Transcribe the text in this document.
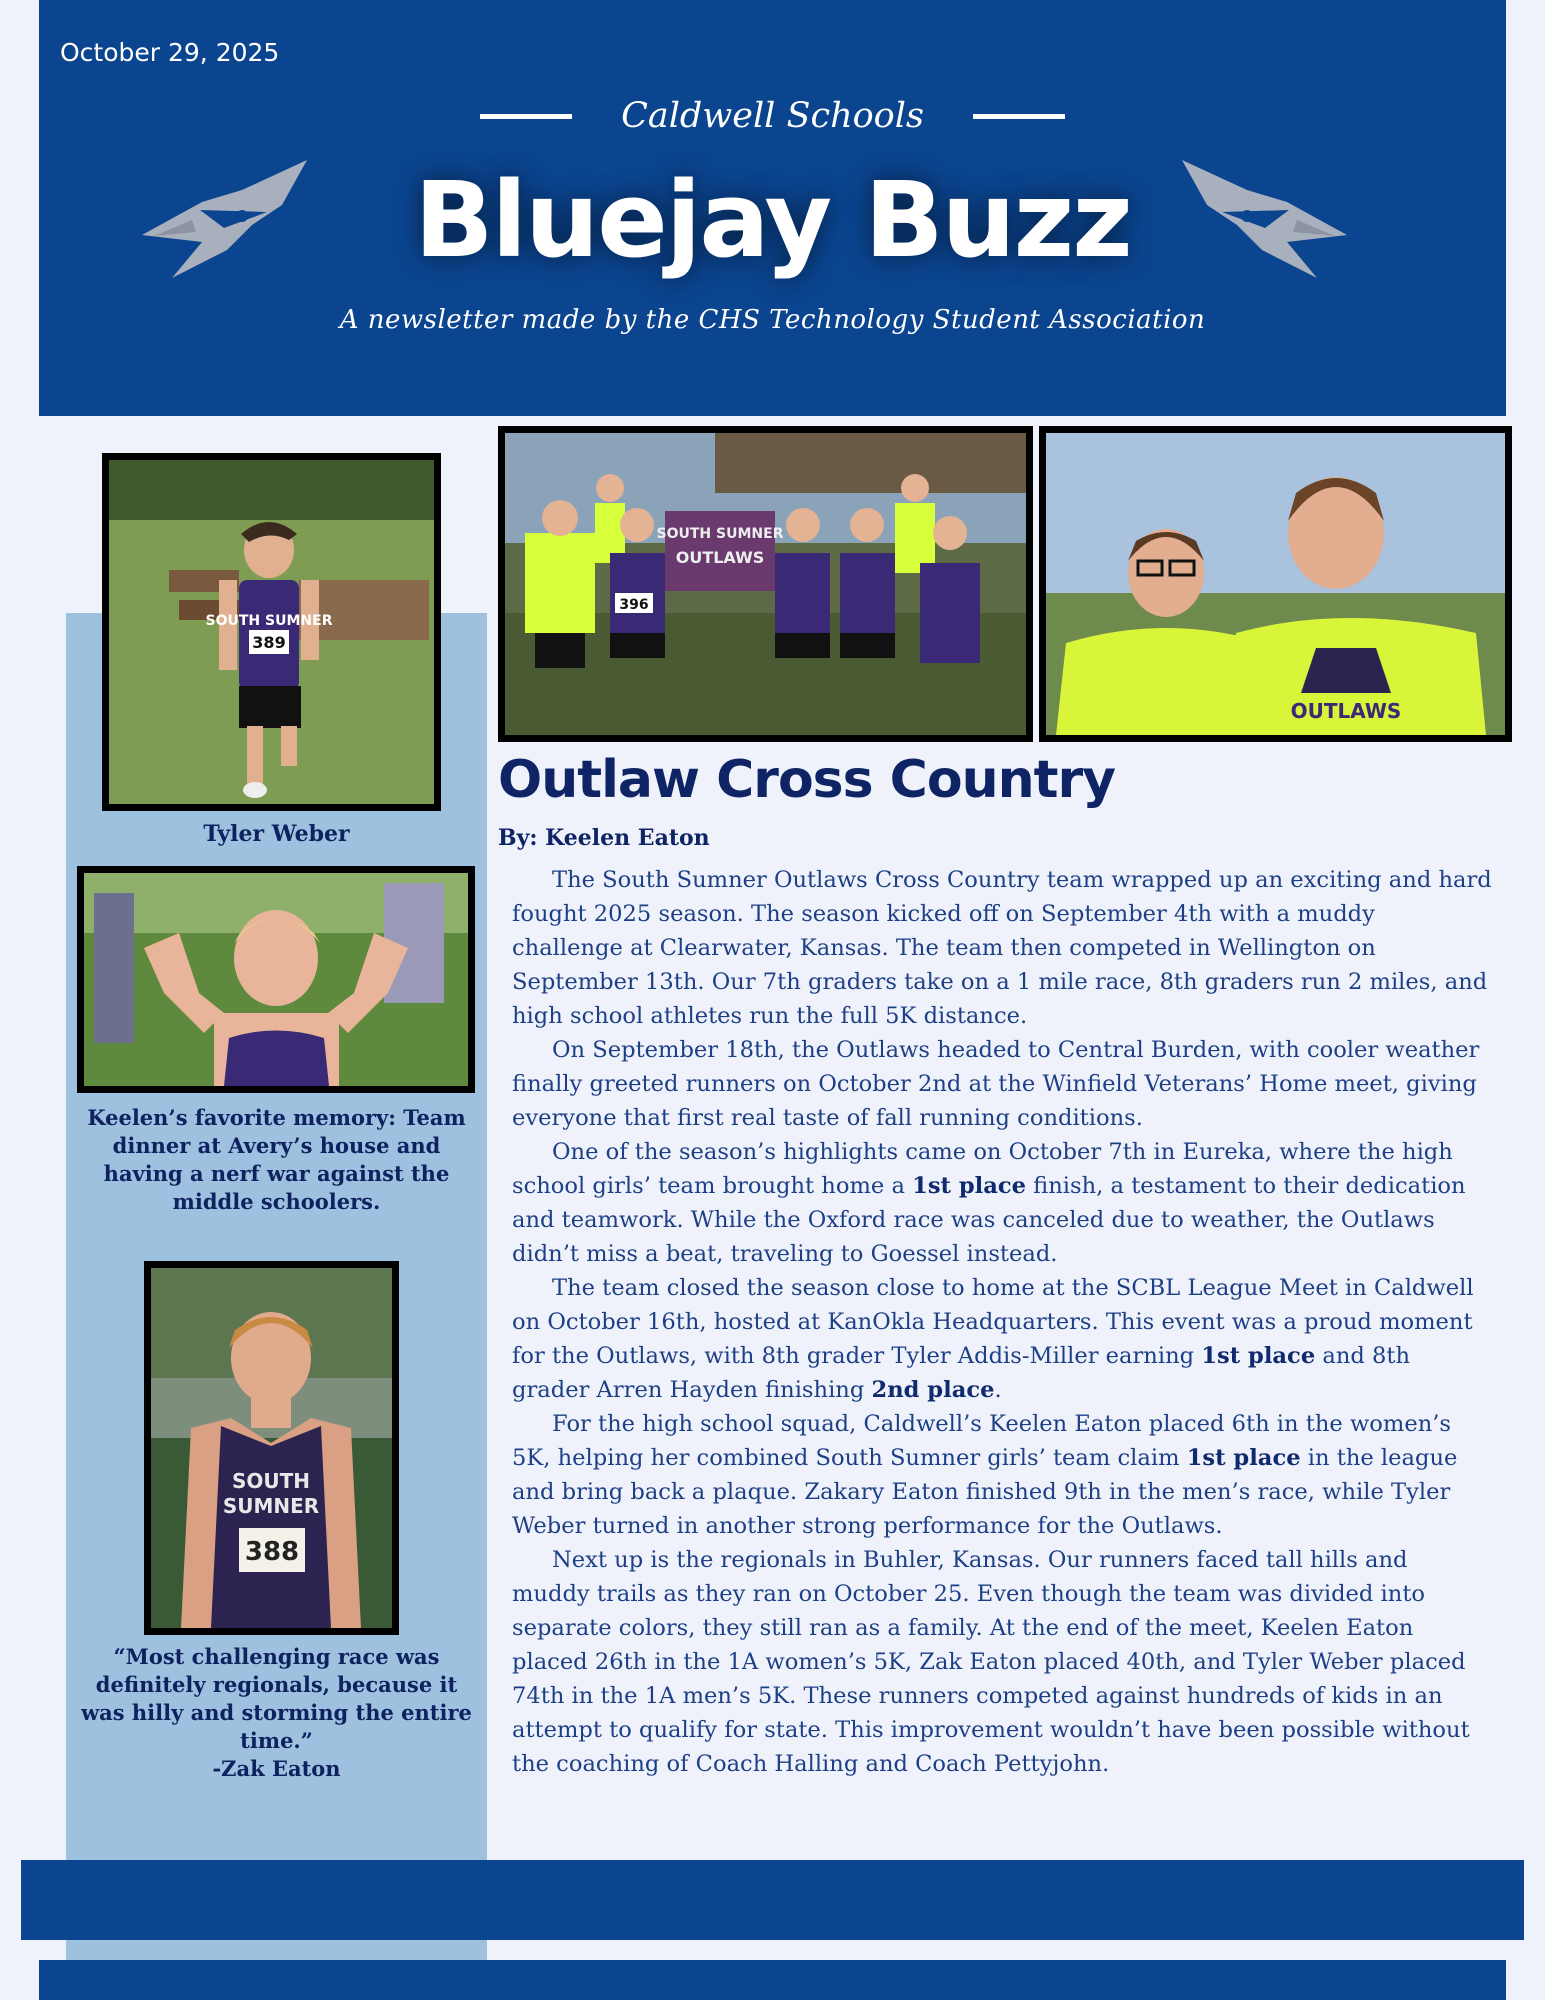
October 29, 2025
Caldwell Schools
Bluejay Buzz
A newsletter made by the CHS Technology Student Association
SOUTH SUMNER
389
Tyler Weber
Keelen’s favorite memory: Team dinner at Avery’s house and having a nerf war against the middle schoolers.
SOUTH
SUMNER
388
“Most challenging race was definitely regionals, because it was hilly and storming the entire time.”
-Zak Eaton
SOUTH SUMNER
OUTLAWS
396
OUTLAWS
Outlaw Cross Country
By: Keelen Eaton

The South Sumner Outlaws Cross Country team wrapped up an exciting and hard fought 2025 season. The season kicked off on September 4th with a muddy challenge at Clearwater, Kansas. The team then competed in Wellington on September 13th. Our 7th graders take on a 1 mile race, 8th graders run 2 miles, and high school athletes run the full 5K distance.

On September 18th, the Outlaws headed to Central Burden, with cooler weather finally greeted runners on October 2nd at the Winfield Veterans’ Home meet, giving everyone that first real taste of fall running conditions.

One of the season’s highlights came on October 7th in Eureka, where the high school girls’ team brought home a 1st place finish, a testament to their dedication and teamwork. While the Oxford race was canceled due to weather, the Outlaws didn’t miss a beat, traveling to Goessel instead.

The team closed the season close to home at the SCBL League Meet in Caldwell on October 16th, hosted at KanOkla Headquarters. This event was a proud moment for the Outlaws, with 8th grader Tyler Addis-Miller earning 1st place and 8th grader Arren Hayden finishing 2nd place.

For the high school squad, Caldwell’s Keelen Eaton placed 6th in the women’s 5K, helping her combined South Sumner girls’ team claim 1st place in the league and bring back a plaque. Zakary Eaton finished 9th in the men’s race, while Tyler Weber turned in another strong performance for the Outlaws.

Next up is the regionals in Buhler, Kansas. Our runners faced tall hills and muddy trails as they ran on October 25. Even though the team was divided into separate colors, they still ran as a family. At the end of the meet, Keelen Eaton placed 26th in the 1A women’s 5K, Zak Eaton placed 40th, and Tyler Weber placed 74th in the 1A men’s 5K. These runners competed against hundreds of kids in an attempt to qualify for state. This improvement wouldn’t have been possible without the coaching of Coach Halling and Coach Pettyjohn.
